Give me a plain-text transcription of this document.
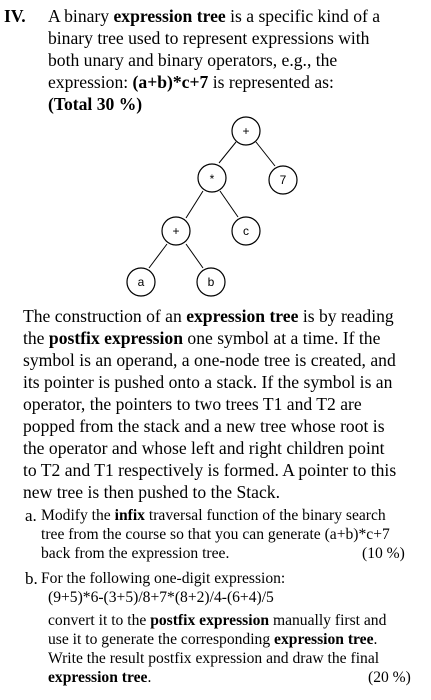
IV. A binary expression tree is a specific kind of a
binary tree used to represent expressions with
both unary and binary operators, e.g., the
expression: (a+b)*c+7 is represented as:
(Total 30 %)
+
*	7
+	c
a	b
The construction of an expression tree is by reading
the postfix expression one symbol at a time. If the
symbol is an operand, a one-node tree is created, and
its pointer is pushed onto a stack. If the symbol is an
operator, the pointers to two trees T1 and T2 are
popped from the stack and a new tree whose root is
the operator and whose left and right children point
to T2 and T1 respectively is formed. A pointer to this
new tree is then pushed to the Stack.
a. Modify the infix traversal function of the binary search
tree from the course so that you can generate (a+b)*c+7
back from the expression tree.	(10 %)
b. For the following one-digit expression:
(9+5)*6-(3+5)/8+7*(8+2)/4-(6+4)/5
convert it to the postfix expression manually first and
use it to generate the corresponding expression tree.
Write the result postfix expression and draw the final
expression tree.	(20 %)
